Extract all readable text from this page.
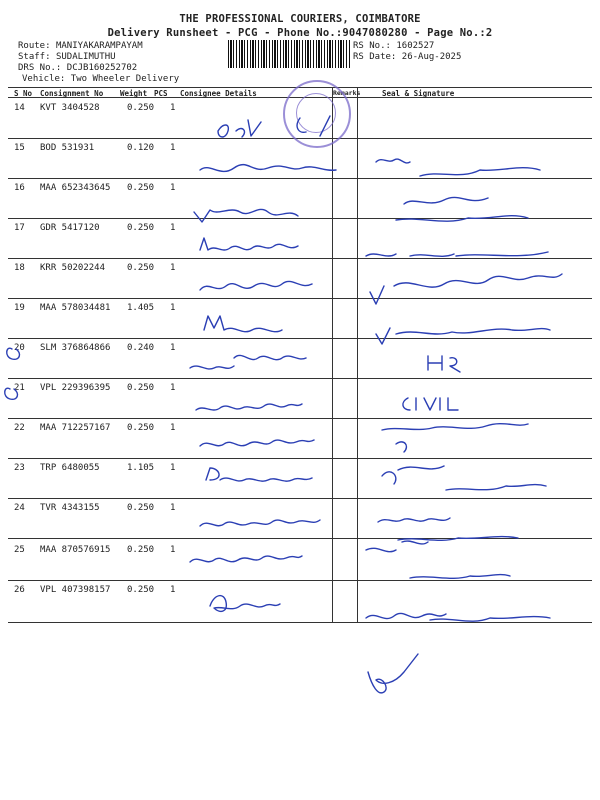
THE PROFESSIONAL COURIERS, COIMBATORE
Delivery Runsheet - PCG - Phone No.:9047080280 - Page No.:2
Route: MANIYAKARAMPAYAM
Staff: SUDALIMUTHU
DRS No.: DCJB160252702
Vehicle: Two Wheeler Delivery
RS No.: 1602527
RS Date: 26-Aug-2025
S No Consignment No Weight PCS Consignee Details	Remarks	Seal & Signature
14 KVT 3404528	0.250 1
15 BOD 531931	0.120 1
16 MAA 652343645 0.250 1
17 GDR 5417120	0.250 1
18 KRR 50202244 0.250 1
19 MAA 578034481 1.405 1
20 SLM 376864866 0.240 1
21 VPL 229396395 0.250 1
22 MAA 712257167 0.250 1
23 TRP 6480055	1.105 1
24 TVR 4343155	0.250 1
25 MAA 870576915 0.250 1
26 VPL 407398157 0.250 1
